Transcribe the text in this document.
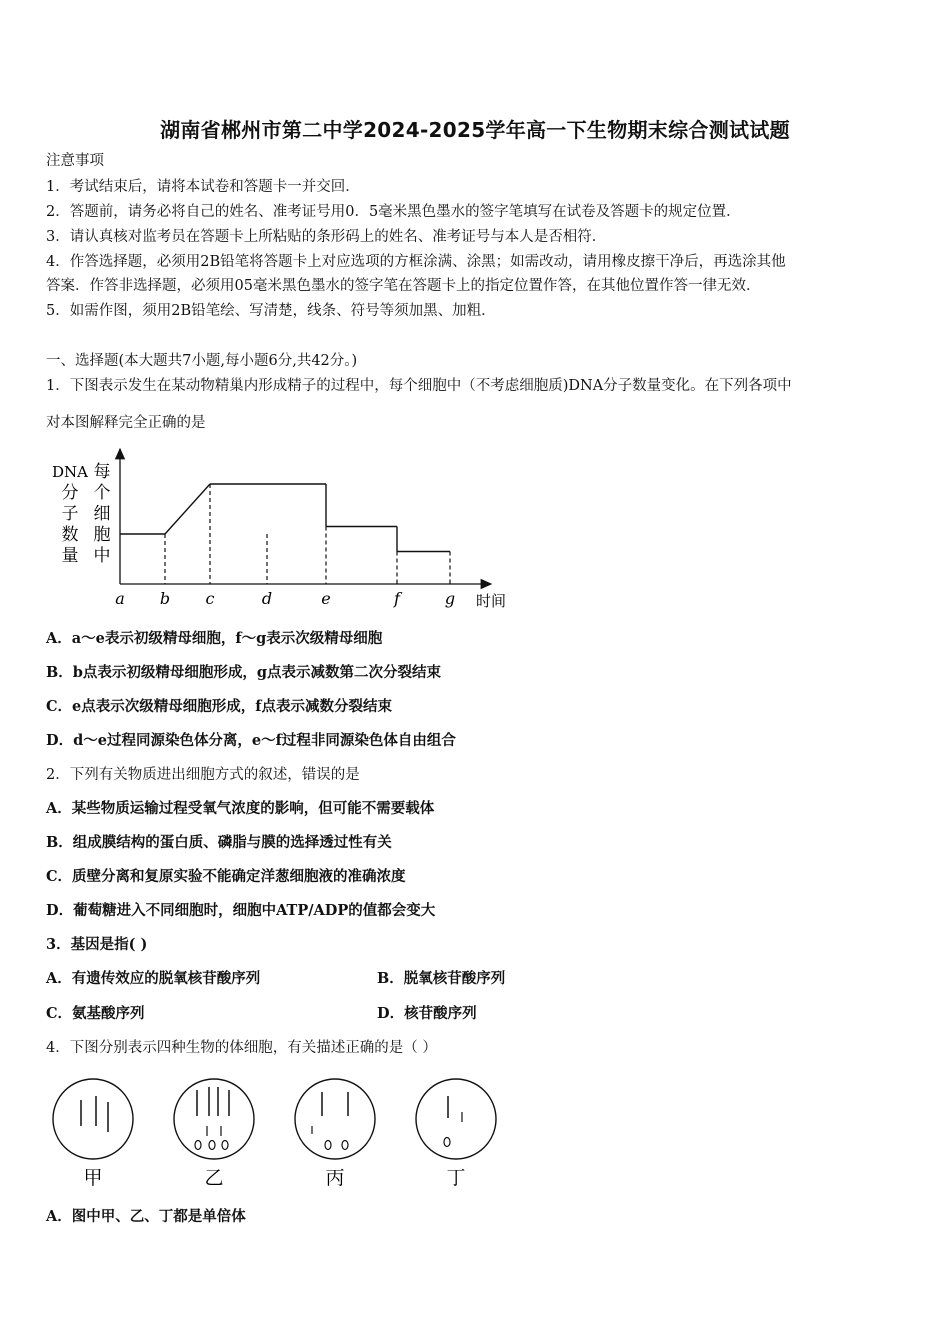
湖南省郴州市第二中学2024-2025学年高一下生物期末综合测试试题
注意事项
1．考试结束后，请将本试卷和答题卡一并交回．
2．答题前，请务必将自己的姓名、准考证号用0．5毫米黑色墨水的签字笔填写在试卷及答题卡的规定位置．
3．请认真核对监考员在答题卡上所粘贴的条形码上的姓名、准考证号与本人是否相符．
4．作答选择题，必须用2B铅笔将答题卡上对应选项的方框涂满、涂黑；如需改动，请用橡皮擦干净后，再选涂其他
答案．作答非选择题，必须用05毫米黑色墨水的签字笔在答题卡上的指定位置作答，在其他位置作答一律无效．
5．如需作图，须用2B铅笔绘、写清楚，线条、符号等须加黑、加粗．
一、选择题(本大题共7小题,每小题6分,共42分。)
1．下图表示发生在某动物精巢内形成精子的过程中，每个细胞中（不考虑细胞质)DNA分子数量变化。在下列各项中
对本图解释完全正确的是
DNA
分
子
数
量
每
个
细
胞
中
a b c	d	e	f	g 时间
A．a～e表示初级精母细胞，f～g表示次级精母细胞
B．b点表示初级精母细胞形成，g点表示减数第二次分裂结束
C．e点表示次级精母细胞形成，f点表示减数分裂结束
D．d～e过程同源染色体分离，e～f过程非同源染色体自由组合
2．下列有关物质进出细胞方式的叙述，错误的是
A．某些物质运输过程受氧气浓度的影响，但可能不需要载体
B．组成膜结构的蛋白质、磷脂与膜的选择透过性有关
C．质壁分离和复原实验不能确定洋葱细胞液的准确浓度
D．葡萄糖进入不同细胞时，细胞中ATP/ADP的值都会变大
3．基因是指( )
A．有遗传效应的脱氧核苷酸序列	B．脱氧核苷酸序列
C．氨基酸序列	D．核苷酸序列
4．下图分别表示四种生物的体细胞，有关描述正确的是（ ）
甲	乙	丙	丁
A．图中甲、乙、丁都是单倍体
